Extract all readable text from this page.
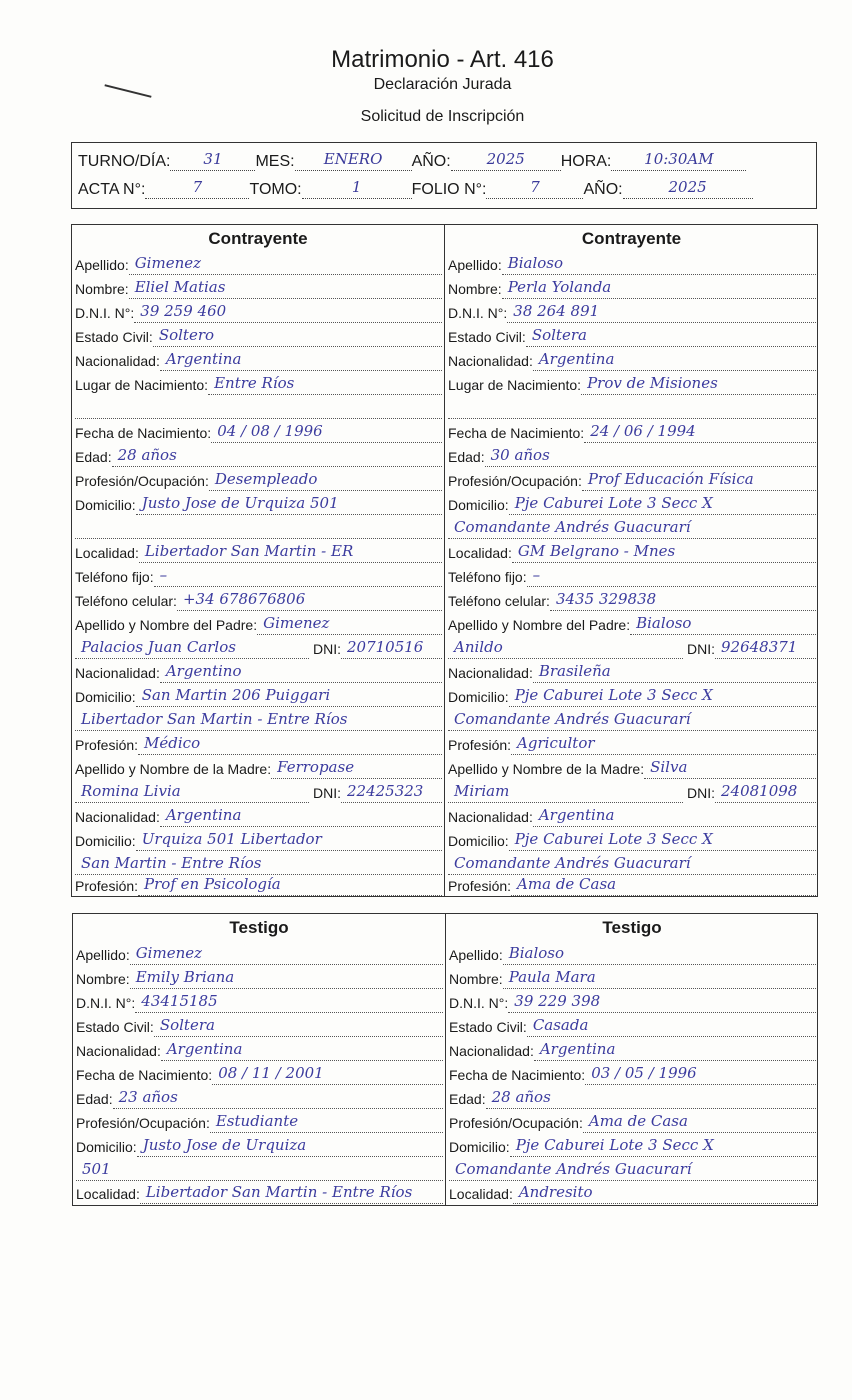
Matrimonio - Art. 416
Declaración Jurada
Solicitud de Inscripción
TURNO/DÍA:	31	MES:	ENERO	AÑO:	2025	HORA:	10:30AM
ACTA N°:	7	TOMO:	1	FOLIO N°:	7	AÑO:	2025
Contrayente
Apellido: Gimenez
Nombre: Eliel Matias
D.N.I. N°: 39 259 460
Estado Civil: Soltero
Nacionalidad: Argentina
Lugar de Nacimiento: Entre Ríos
Fecha de Nacimiento: 04 / 08 / 1996
Edad: 28 años
Profesión/Ocupación: Desempleado
Domicilio: Justo Jose de Urquiza 501
Localidad: Libertador San Martin - ER
Teléfono fijo: –
Teléfono celular: +34 678676806
Apellido y Nombre del Padre: Gimenez
Palacios Juan Carlos	DNI: 20710516
Nacionalidad: Argentino
Domicilio: San Martin 206 Puiggari
Libertador San Martin - Entre Ríos
Profesión: Médico
Apellido y Nombre de la Madre: Ferropase
Romina Livia	DNI: 22425323
Nacionalidad: Argentina
Domicilio: Urquiza 501 Libertador
San Martin - Entre Ríos
Profesión: Prof en Psicología
Contrayente
Apellido: Bialoso
Nombre: Perla Yolanda
D.N.I. N°: 38 264 891
Estado Civil: Soltera
Nacionalidad: Argentina
Lugar de Nacimiento: Prov de Misiones
Fecha de Nacimiento: 24 / 06 / 1994
Edad: 30 años
Profesión/Ocupación: Prof Educación Física
Domicilio: Pje Caburei Lote 3 Secc X
Comandante Andrés Guacurarí
Localidad: GM Belgrano - Mnes
Teléfono fijo: –
Teléfono celular: 3435 329838
Apellido y Nombre del Padre: Bialoso
Anildo	DNI: 92648371
Nacionalidad: Brasileña
Domicilio: Pje Caburei Lote 3 Secc X
Comandante Andrés Guacurarí
Profesión: Agricultor
Apellido y Nombre de la Madre: Silva
Miriam	DNI: 24081098
Nacionalidad: Argentina
Domicilio: Pje Caburei Lote 3 Secc X
Comandante Andrés Guacurarí
Profesión: Ama de Casa
Testigo
Apellido: Gimenez
Nombre: Emily Briana
D.N.I. N°: 43415185
Estado Civil: Soltera
Nacionalidad: Argentina
Fecha de Nacimiento: 08 / 11 / 2001
Edad: 23 años
Profesión/Ocupación: Estudiante
Domicilio: Justo Jose de Urquiza
501
Localidad: Libertador San Martin - Entre Ríos
Testigo
Apellido: Bialoso
Nombre: Paula Mara
D.N.I. N°: 39 229 398
Estado Civil: Casada
Nacionalidad: Argentina
Fecha de Nacimiento: 03 / 05 / 1996
Edad: 28 años
Profesión/Ocupación: Ama de Casa
Domicilio: Pje Caburei Lote 3 Secc X
Comandante Andrés Guacurarí
Localidad: Andresito
